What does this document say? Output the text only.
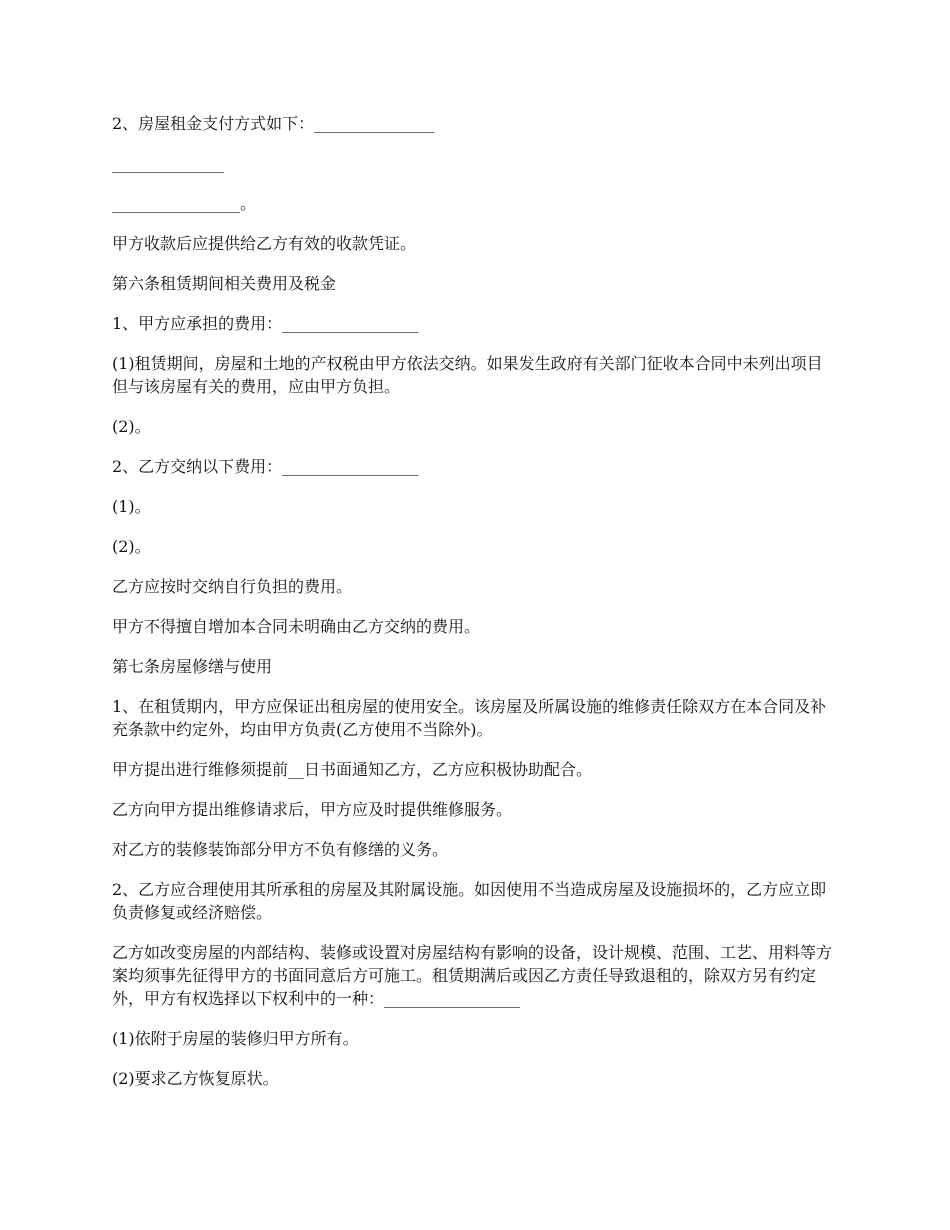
2、房屋租金支付方式如下：_______________

______________

________________。

甲方收款后应提供给乙方有效的收款凭证。

第六条租赁期间相关费用及税金

1、甲方应承担的费用：_________________

(1)租赁期间，房屋和土地的产权税由甲方依法交纳。如果发生政府有关部门征收本合同中未列出项目但与该房屋有关的费用，应由甲方负担。

(2)。

2、乙方交纳以下费用：_________________

(1)。

(2)。

乙方应按时交纳自行负担的费用。

甲方不得擅自增加本合同未明确由乙方交纳的费用。

第七条房屋修缮与使用

1、在租赁期内，甲方应保证出租房屋的使用安全。该房屋及所属设施的维修责任除双方在本合同及补充条款中约定外，均由甲方负责(乙方使用不当除外)。

甲方提出进行维修须提前__日书面通知乙方，乙方应积极协助配合。

乙方向甲方提出维修请求后，甲方应及时提供维修服务。

对乙方的装修装饰部分甲方不负有修缮的义务。

2、乙方应合理使用其所承租的房屋及其附属设施。如因使用不当造成房屋及设施损坏的，乙方应立即负责修复或经济赔偿。

乙方如改变房屋的内部结构、装修或设置对房屋结构有影响的设备，设计规模、范围、工艺、用料等方案均须事先征得甲方的书面同意后方可施工。租赁期满后或因乙方责任导致退租的，除双方另有约定外，甲方有权选择以下权利中的一种：_________________

(1)依附于房屋的装修归甲方所有。

(2)要求乙方恢复原状。
